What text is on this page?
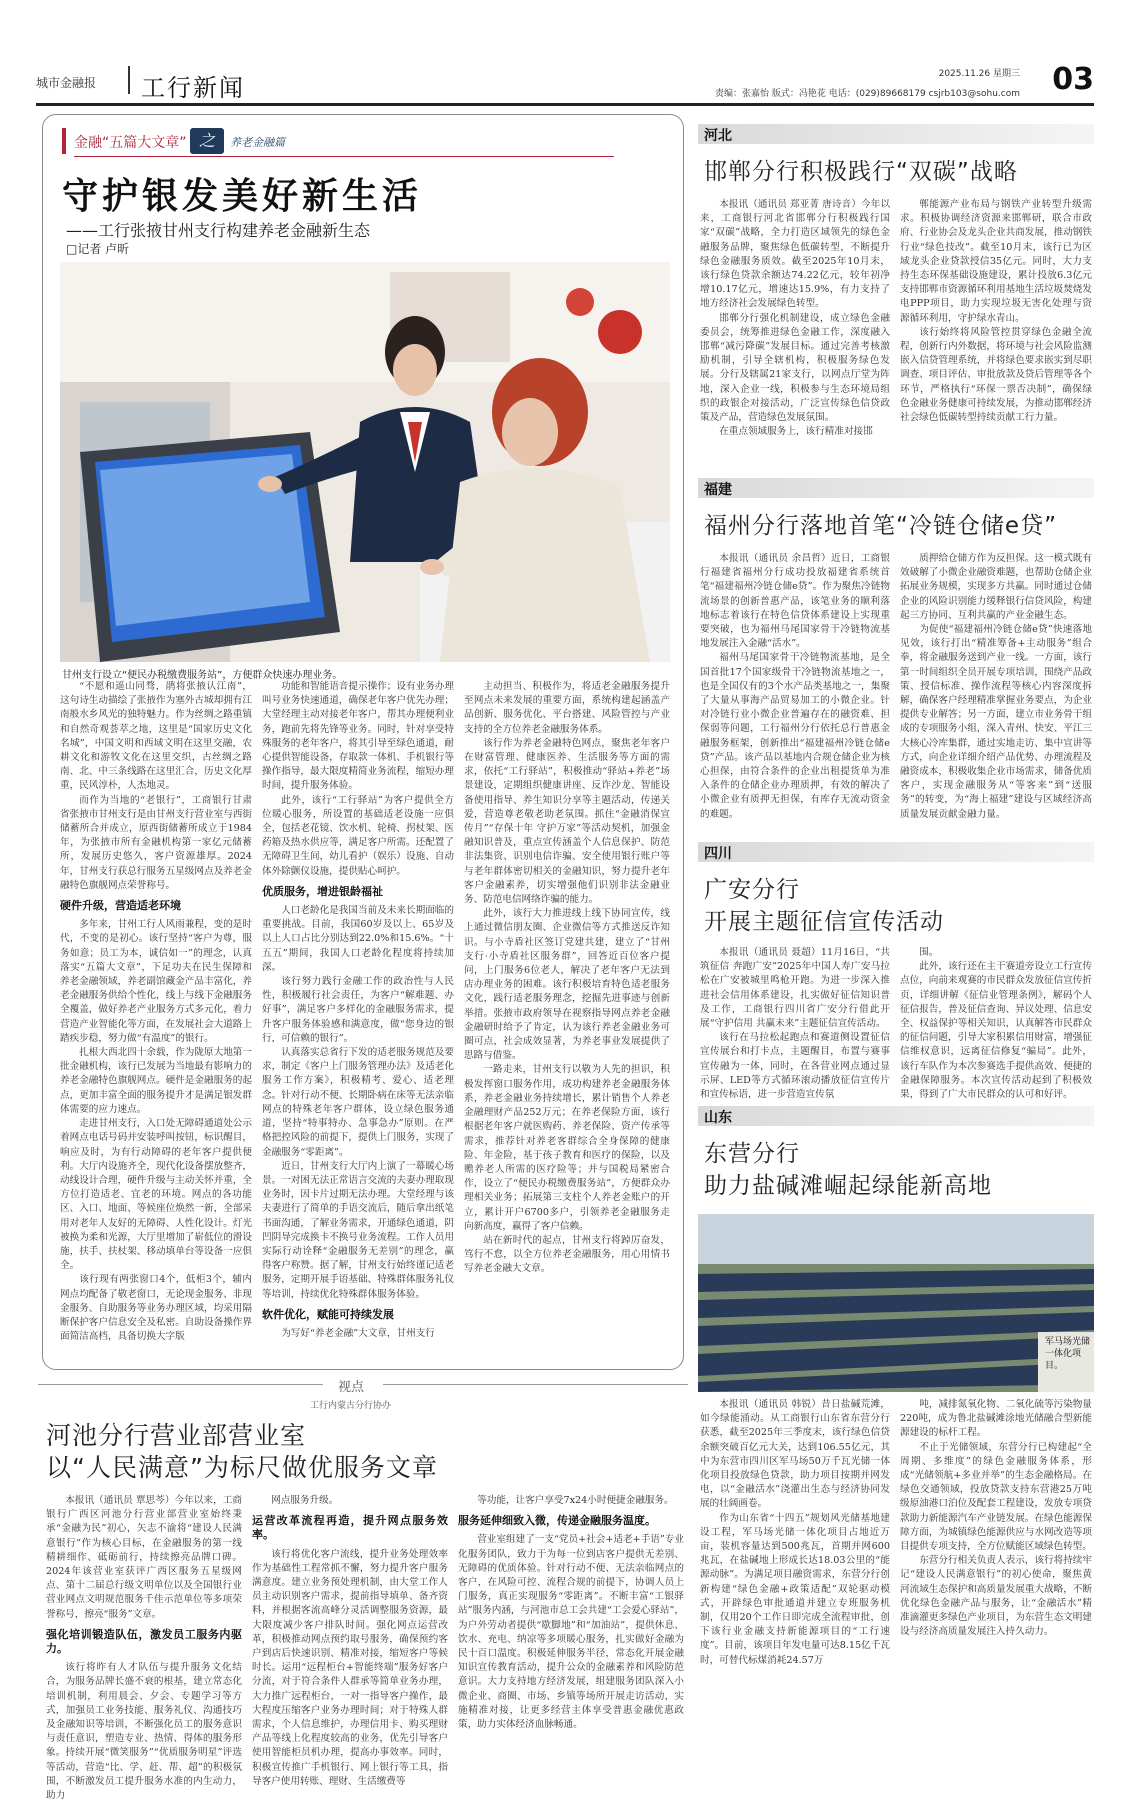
城市金融报 工行新闻	2025.11.26 星期三
责编：张嘉怡 版式：冯艳花 电话：(029)89668179 csjrb103@sohu.com 03
金融“五篇大文章” 之	养老金融篇
守护银发美好新生活
——工行张掖甘州支行构建养老金融新生态
□记者 卢昕
甘州支行设立“便民办税缴费服务站”，方便群众快速办理业务。

“不愿和遥山同骛，鹃将张掖认江南”，这句诗生动描绘了张掖作为塞外古城却拥有江南般水乡风光的独特魅力。作为丝绸之路重镇和自然奇观荟萃之地，这里是“国家历史文化名城”，中国文明和西域文明在这里交融，农耕文化和游牧文化在这里交织，古丝绸之路南、北、中三条线路在这里汇合，历史文化厚重，民风淳朴，人杰地灵。

而作为当地的“老银行”，工商银行甘肃省张掖市甘州支行是由甘州支行营业室与西街储蓄所合并成立，原西街储蓄所成立于1984年，为张掖市所有金融机构第一家亿元储蓄所，发展历史悠久，客户资源雄厚。2024年，甘州支行获总行服务五星级网点及养老金融特色旗舰网点荣誉称号。

硬件升级，营造适老环境

多年来，甘州工行人风雨兼程，变的是时代，不变的是初心。该行坚持“客户为尊，服务如意；员工为本，诚信如一”的理念，认真落实“五篇大文章”，下足功夫在民生保障和养老金融领域，养老副馆藏金产品丰富化，养老金融服务供给个性化，线上与线下金融服务全覆盖，做好养老产业服务方式多元化，着力营造产业智能化等方面，在发展社会大道路上踏疾步稳，努力做“有温度”的银行。

扎根大西北四十余载，作为陇原大地第一批金融机构，该行已发展为当地最有影响力的养老金融特色旗舰网点。硬件是金融服务的起点，更加丰富全面的服务提升才是满足银发群体需要的应力速点。

走进甘州支行，入口处无障碍通道处公示着网点电话号码并安装呼叫按钮，标识醒目，响应及时，为有行动障碍的老年客户提供便利。大厅内设施齐全，现代化设备摆放整齐，动线设计合理，硬件升级与主动关怀并重，全方位打造适老、宜老的环境。网点的各功能区、入口、地面、等候座位焕然一新，全部采用对老年人友好的无障碍、人性化设计。灯光被换为柔和光源，大厅里增加了崭低位的滑设施，扶手、扶杖架、移动填单台等设备一应俱全。

该行现有两张窗口4个，低柜3个，辅内网点均配备了敬老窗口，无论现金服务、非现金服务、自助服务等业务办理区域，均采用隔断保护客户信息安全及私密。自助设备操作界面简洁高档，具备切换大字版

功能和智能语音提示操作；设有业务办理叫号业务快速通道，确保老年客户优先办理；大堂经理主动对接老年客户，帮其办理便利业务，跑前先将先锋等业务。同时，针对享受特殊服务的老年客户，将其引导至绿色通道，耐心提供智能设备，存取款一体机、手机银行等操作指导，最大限度精简业务流程，缩短办理时间，提升服务体验。

此外，该行“工行驿站”为客户提供全方位暖心服务，所设置的基础适老设施一应俱全，包括老花镜、饮水机、轮椅、拐杖架、医药箱及热水供应等，满足客户所需。还配置了无障碍卫生间，幼儿看护（娱乐）设施、自动体外除颤仪设施，提供贴心呵护。

优质服务，增进银龄福祉

人口老龄化是我国当前及未来长期面临的重要挑战。目前，我国60岁及以上、65岁及以上人口占比分别达到22.0%和15.6%。“十五五”期间，我国人口老龄化程度将持续加深。

该行努力践行金融工作的政治性与人民性，积极履行社会责任，为客户“解难题、办好事”，满足客户多样化的金融服务需求，提升客户服务体验感和满意度，做“您身边的银行，可信赖的银行”。

认真落实总省行下发的适老服务规范及要求，制定《客户上门服务管理办法》及适老化服务工作方案》，积极精考、爱心、适老理念。针对行动不便、长期卧病在床等无法亲临网点的特殊老年客户群体，设立绿色服务通道，坚持“特事特办、急事急办”原则。在严格把控风险的前提下，提供上门服务，实现了金融服务“零距离”。

近日，甘州支行大厅内上演了一幕暖心场景。一对困无法正常语言交流的夫妻办理取现业务时，因卡片过期无法办理。大堂经理与该夫妻进行了简单的手语交流后，随后拿出纸笔书面沟通，了解业务需求，开通绿色通道，阴凹阴导完成换卡不换号业务流程。工作人员用实际行动诠释“金融服务无差别”的理念，赢得客户称赞。据了解，甘州支行始终谨记适老服务，定期开展手语基础、特殊群体服务礼仪等培训，持续优化特殊群体服务体验。

软件优化，赋能可持续发展

为写好“养老金融”大文章，甘州支行

主动担当、积极作为，将适老金融服务提升至网点未来发展的重要方面，系统构建起涵盖产品创新、服务优化、平台搭建、风险管控与产业支持的全方位养老金融服务体系。

该行作为养老金融特色网点，聚焦老年客户在财富管理、健康医养、生活服务等方面的需求，依托“工行驿站”，积极推动“驿站+养老”场景建设，定期组织健康讲座、反诈沙龙、智能设备使用指导、养生知识分享等主题活动，传递关爱，营造尊老敬老助老氛围。抓住“金融消保宣传月”“存保十年 守护万家”等活动契机，加强金融知识普及，重点宣传涵盖个人信息保护、防范非法集资、识别电信诈骗、安全使用银行账户等与老年群体密切相关的金融知识，努力提升老年客户金融素养，切实增强他们识别非法金融业务、防范电信网络诈骗的能力。

此外，该行大力推进线上线下协同宣传，线上通过微信朋友圈、企业微信等方式推送反诈知识。与小寺盾社区签订党建共建，建立了“甘州支行·小寺盾社区服务群”，回答近百位客户提问，上门服务6位老人，解决了老年客户无法到店办理业务的困难。该行积极培育特色适老服务文化，践行适老服务理念，挖掘先进事迹与创新举措。张掖市政府领导在视察指导网点养老金融金融研时给予了肯定，认为该行养老金融业务可圈可点，社会成效显著，为养老事业发展提供了思路与借鉴。

一路走来，甘州支行以敬为人先的担识，积极发挥窗口服务作用，成功构建养老金融服务体系，养老金融业务持续增长，累计销售个人养老金融理财产品252万元；在养老保险方面，该行根据老年客户就医购药、养老保险、资产传承等需求，推荐针对养老客群综合全身保障的健康险、年金险，基于孩子教育和医疗的保险，以及赡养老人所需的医疗险等；并与国税局紧密合作，设立了“便民办税缴费服务站”，方便群众办理相关业务；拓展第三支柱个人养老金账户的开立，累计开户6700多户，引领养老金融服务走向新高度，赢得了客户信赖。

站在新时代的起点，甘州支行将踔厉奋发，笃行不怠，以全方位养老金融服务，用心用情书写养老金融大文章。

河北
邯郸分行积极践行“双碳”战略

本报讯（通讯员 郑亚菁 唐诗音）今年以来，工商银行河北省邯郸分行积极践行国家“双碳”战略，全力打造区域领先的绿色金融服务品牌，聚焦绿色低碳转型，不断提升绿色金融服务质效。截至2025年10月末，该行绿色贷款余额达74.22亿元，较年初净增10.17亿元，增速达15.9%，有力支持了地方经济社会发展绿色转型。

邯郸分行强化机制建设，成立绿色金融委员会，统筹推进绿色金融工作，深度融入邯郸“减污降碳”发展目标。通过完善考核激励机制，引导全辖机构，积极服务绿色发展。分行及辖属21家支行，以网点厅堂为阵地，深入企业一线，积极参与生态环境局组织的政银企对接活动，广泛宣传绿色信贷政策及产品，营造绿色发展氛围。

在重点领域服务上，该行精准对接邯

郸能源产业布局与钢铁产业转型升级需求。积极协调经济资源来邯郸研，联合市政府、行业协会及龙头企业共商发展，推动钢铁行业“绿色技改”。截至10月末，该行已为区域龙头企业贷款授信35亿元。同时，大力支持生态环保基础设施建设，累计投放6.3亿元支持邯郸市资源循环利用基地生活垃圾焚烧发电PPP项目，助力实现垃圾无害化处理与资源循环利用，守护绿水青山。

该行始终将风险管控贯穿绿色金融全流程，创新行内外数据，将环境与社会风险监测嵌入信贷管理系统，并将绿色要求嵌实到尽职调查、项目评估、审批放款及贷后管理等各个环节，严格执行“环保一票否决制”，确保绿色金融业务健康可持续发展，为推动邯郸经济社会绿色低碳转型持续贡献工行力量。

福建
福州分行落地首笔“冷链仓储e贷”

本报讯（通讯员 余昌哲）近日，工商银行福建省福州分行成功投放福建省系统首笔“福建福州冷链仓储e贷”。作为聚焦冷链物流场景的创新普惠产品，该笔业务的顺利落地标志着该行在特色信贷体系建设上实现重要突破，也为福州马尾国家骨干冷链物流基地发展注入金融“活水”。

福州马尾国家骨干冷链物流基地，是全国首批17个国家级骨干冷链物流基地之一，也是全国仅有的3个水产品类基地之一，集聚了大量从事海产品贸易加工的小微企业。针对冷链行业小微企业普遍存在的融资难、担保弱等问题，工行福州分行依托总行普惠金融服务框架，创新推出“福建福州冷链仓储e贷”产品。该产品以基地内合规仓储企业为核心担保，由符合条件的企业出租提货单为准入条件的仓储企业办理质押，有效的解决了小微企业有质押无担保，有库存无流动资金的难题。

质押给仓储方作为反担保。这一模式既有效破解了小微企业融资难题，也帮助仓储企业拓展业务规模，实现多方共赢。同时通过仓储企业的风险识别能力缓释银行信贷风险，构建起三方协同、互利共赢的产业金融生态。

为促使“福建福州冷链仓储e贷”快速落地见效，该行打出“精准筹备+主动服务”组合拳，将金融服务送到产业一线。一方面，该行第一时间组织全员开展专项培训，围绕产品政策、授信标准、操作流程等核心内容深度拆解，确保客户经理精准掌握业务要点，为企业提供专业解答；另一方面，建立市业务骨干组成的专项服务小组，深入青州、快安、平江三大核心冷库集群，通过实地走访、集中宣讲等方式，向企业详细介绍产品优势、办理流程及融资成本，积极收集企业市场需求，储备优质客户，实现金融服务从“等客来”到“送服务”的转变，为“海上福建”建设与区域经济高质量发展贡献金融力量。

四川
广安分行
开展主题征信宣传活动

本报讯（通讯员 聂超）11月16日，“共筑征信 奔跑广安”2025年中国人寿广安马拉松在广安被城里鸣枪开跑。为进一步深入推进社会信用体系建设，扎实做好征信知识普及工作，工商银行四川省广安分行借此开展“守护信用 共赢未来”主题征信宣传活动。

该行在马拉松起跑点和赛道侧设置征信宣传展台和打卡点，主题醒目，布置与赛事宣传融为一体，同时，在各营业网点通过显示屏、LED等方式循环滚动播放征信宣传片和宣传标语，进一步营造宣传氛

围。

此外，该行还在主干赛道旁设立工行宣传点位，向前来观赛的市民群众发放征信宣传折页，详细讲解《征信业管理条例》，解码个人征信报告，普及征信查询、异议处理、信息安全、权益保护等相关知识，认真解答市民群众的征信问题，引导大家积累信用财富，增强征信维权意识，远离征信修复“骗局”。此外，该行车队作为本次参赛选手提供高效、便捷的金融保障服务。本次宣传活动起到了积极效果，得到了广大市民群众的认可和好评。

山东
东营分行
助力盐碱滩崛起绿能新高地
军马场光储一体化项目。

本报讯（通讯员 韩锐）昔日盐碱荒滩，如今绿能涌动。从工商银行山东省东营分行获悉，截至2025年三季度末，该行绿色信贷余额突破百亿元大关，达到106.55亿元，其中为东营市四川区军马场50万千瓦光储一体化项目投放绿色贷款，助力项目按期并网发电，以“金融活水”浇灌出生态与经济协同发展的壮阔画卷。

作为山东省“十四五”规划风光储基地建设工程，军马场光储一体化项目占地近万亩，装机容量达到500兆瓦，首期并网600兆瓦，在盐碱地上形成长达18.03公里的“能源动脉”。为满足项目融资需求，东营分行创新构建“绿色金融+政策适配”双轮驱动模式，开辟绿色审批通道并建立专班服务机制，仅用20个工作日即完成全流程审批，创下该行业金融支持新能源项目的“工行速度”。目前，该项目年发电量可达8.15亿千瓦时，可替代标煤消耗24.57万

吨，减排氮氧化物、二氧化硫等污染物量220吨，成为鲁北盐碱滩涂地光储融合型新能源建设的标杆工程。

不止于光储领域，东营分行已构建起“全周期、多维度”的绿色金融服务体系，形成“光储领航+多业并举”的生态金融格局。在绿色交通领域，投放贷款支持东营港25万吨级原油港口泊位及配套工程建设，发放专项贷款助力新能源汽车产业链发展。在绿色能源保障方面，为城镇绿色能源供应与水网改造等项目提供专项支持，全方位赋能区域绿色转型。

东营分行相关负责人表示，该行将持续牢记“建设人民满意银行”的初心使命，聚焦黄河流域生态保护和高质量发展重大战略，不断优化绿色金融产品与服务，让“金融活水”精准滴灌更多绿色产业项目，为东营生态文明建设与经济高质量发展注入持久动力。

视点
工行内蒙古分行协办
河池分行营业部营业室
以“人民满意”为标尺做优服务文章

本报讯（通讯员 覃思芩）今年以来，工商银行广西区河池分行营业部营业室始终秉承“金融为民”初心，矢志不渝将“建设人民满意银行”作为核心目标，在金融服务的第一线精耕细作、砥砺前行，持续擦亮品牌口碑。2024年该营业室获评广西区服务五星级网点、第十二届总行级文明单位以及全国银行业营业网点文明规范服务千佳示范单位等多项荣誉称号，擦亮“服务”文章。

强化培训锻造队伍，激发员工服务内驱力。

该行将昨有人才队伍与提升服务文化结合，为服务品牌长盛不衰的根基，建立常态化培训机制，利用晨会、夕会、专题学习等方式，加强员工业务技能、服务礼仪、沟通技巧及金融知识等培训，不断强化员工的服务意识与责任意识，塑造专业、热情、得体的服务形象。持续开展“微笑服务”“优质服务明星”评选等活动，营造“比、学、赶、帮、超”的积极氛围，不断激发员工提升服务水准的内生动力，助力

网点服务升级。

运营改革流程再造，提升网点服务效率。

该行将优化客户流线，提升业务处理效率作为基础性工程常抓不懈，努力提升客户服务满意度。建立业务预处理机制，由大堂工作人员主动识别客户需求，提前指导填单、备齐资料，并根据客流高峰分灵活调整服务资源，最大限度减少客户排队时间。强化网点运营改革，积极推动网点预约取号服务，确保预约客户到店后快速识别、精准对接，缩短客户等候时长。运用“远程柜台+智能终端”服务好客户分流，对于符合条件人群承等简单业务办理，大力推广远程柜台，一对一指导客户操作，最大程度压缩客户业务办理时间；对于特殊人群需求，个人信息维护，办理信用卡、购买理财产品等线上化程度较高的业务，优先引导客户使用智能柜员机办理，提高办事效率。同时，积极宣传推广手机银行、网上银行等工具，指导客户使用转账、理财、生活缴费等

等功能，让客户享受7x24小时便捷金融服务。

服务延伸细致入微，传递金融服务温度。

营业室组建了一支“党员+社会+适老+手语”专业化服务团队，致力于为每一位到店客户提供无差别、无障碍的优质体验。针对行动不便、无法亲临网点的客户，在风险可控、流程合规的前提下，协调人员上门服务，真正实现服务“零距离”。不断丰富“工银驿站”服务内涵，与河池市总工会共建“工会爱心驿站”，为户外劳动者提供“歇脚地”和“加油站”，提供休息、饮水、充电、纳凉等多项暖心服务，扎实做好金融为民十百口温度。积极延伸服务半径，常态化开展金融知识宣传教育活动，提升公众的金融素养和风险防范意识。大力支持地方经济发展，组建服务团队深入小微企业、商圈、市场、乡镇等场所开展走访活动，实施精准对接，让更多经营主体享受普惠金融优惠政策，助力实体经济血脉畅通。
